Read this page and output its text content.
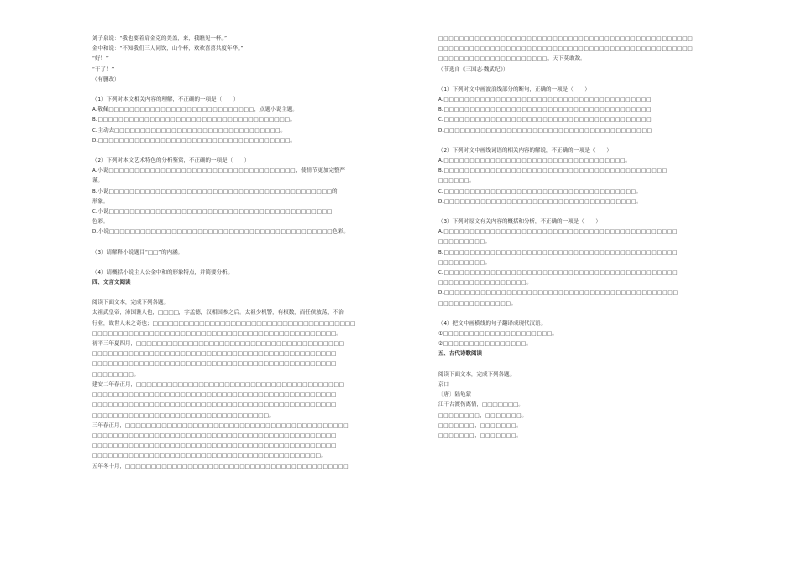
刘子泉说：“我也要着肩金克的美盖，来，我瞧见一杯。”

金中和说：“不知我们三人同饮，山个杯，欢欢喜喜共度年华。”

“好！”

“干了！”

（有删改）

（1）下列对本文相关内容的理解，不正确的一项是（　　）

A.敬佩□□□□□□□□□□□□□□□□□□□□□□□□□□□□，点题小说主题。

B.□□□□□□□□□□□□□□□□□□□□□□□□□□□□□□□□□□□□□。

C.主动去□□□□□□□□□□□□□□□□□□□□□□□□□□□□□□□□。

D.□□□□□□□□□□□□□□□□□□□□□□□□□□□□□□□□□□□□□。

（2）下列对本文艺术特色的分析鉴赏，不正确的一项是（　　）

A.小说□□□□□□□□□□□□□□□□□□□□□□□□□□□□□□□□□□□□，使情节更加完整严

谨。

B.小说□□□□□□□□□□□□□□□□□□□□□□□□□□□□□□□□□□□□□□□□□□□的

形象。

C.小说□□□□□□□□□□□□□□□□□□□□□□□□□□□□□□□□□□□□□□□□□□□

色彩。

D.小说□□□□□□□□□□□□□□□□□□□□□□□□□□□□□□□□□□□□□□□□□□□色彩。

（3）请解释小说题目“□□”的内涵。

（4）请概括小说主人公金中和的形象特点，并简要分析。

四、文言文阅读

阅读下面文本，完成下列各题。

太祖武皇帝，沛国谯人也，□□□□，字孟德，汉相国参之后。太祖少机警，有权数，而任侠放荡，不治

行业，故世人未之奇也；□□□□□□□□□□□□□□□□□□□□□□□□□□□□□□□□□□□□□□□

□□□□□□□□□□□□□□□□□□□□□□□□□□□□□□□□□□□□□□□□□□□□□□□。

初平三年夏四月，□□□□□□□□□□□□□□□□□□□□□□□□□□□□□□□□□□□□□□□□

□□□□□□□□□□□□□□□□□□□□□□□□□□□□□□□□□□□□□□□□□□□□□□□

□□□□□□□□□□□□□□□□□□□□□□□□□□□□□□□□□□□□□□□□□□□□□□□

□□□□□□□□。

建安二年春正月，□□□□□□□□□□□□□□□□□□□□□□□□□□□□□□□□□□□□□□□□

□□□□□□□□□□□□□□□□□□□□□□□□□□□□□□□□□□□□□□□□□□□□□□□

□□□□□□□□□□□□□□□□□□□□□□□□□□□□□□□□□□□□□□□□□□□□□□□

□□□□□□□□□□□□□□□□□□□□□□□□□□□□□□□□□□。

三年春正月，□□□□□□□□□□□□□□□□□□□□□□□□□□□□□□□□□□□□□□□□□□□

□□□□□□□□□□□□□□□□□□□□□□□□□□□□□□□□□□□□□□□□□□□□□□□

□□□□□□□□□□□□□□□□□□□□□□□□□□□□□□□□□□□□□□□□□□□□□□□

□□□□□□□□□□□□□□□□□□□□□□□□□□□□□□□□□□□□□□□□□□□□。

五年冬十月，□□□□□□□□□□□□□□□□□□□□□□□□□□□□□□□□□□□□□□□□□□□

□□□□□□□□□□□□□□□□□□□□□□□□□□□□□□□□□□□□□□□□□□□□□□□□□

□□□□□□□□□□□□□□□□□□□□□□□□□□□□□□□□□□□□□□□□□□□□□□□□□

□□□□□□□□□□□□□□□□□□□□□，天下莫敢敌。

（节选自《三国志·魏武纪》）

（1）下列对文中画波浪线部分的断句，正确的一项是（　　）

A.□□□□□□□□□□□□□□□□□□□□□□□□□□□□□□□□□□□□□□□□

B.□□□□□□□□□□□□□□□□□□□□□□□□□□□□□□□□□□□□□□□□

C.□□□□□□□□□□□□□□□□□□□□□□□□□□□□□□□□□□□□□□□□

D.□□□□□□□□□□□□□□□□□□□□□□□□□□□□□□□□□□□□□□□□

（2）下列对文中画线词语的相关内容的解说，不正确的一项是（　　）

A.□□□□□□□□□□□□□□□□□□□□□□□□□□□□□□□□□□□。

B.□□□□□□□□□□□□□□□□□□□□□□□□□□□□□□□□□□□□□□□□□□□

□□□□□□。

C.□□□□□□□□□□□□□□□□□□□□□□□□□□□□□□□□□□□□□。

D.□□□□□□□□□□□□□□□□□□□□□□□□□□□□□□□□□□□□□。

（3）下列对原文有关内容的概括和分析，不正确的一项是（　　）

A.□□□□□□□□□□□□□□□□□□□□□□□□□□□□□□□□□□□□□□□□□□□□□

□□□□□□□□□。

B.□□□□□□□□□□□□□□□□□□□□□□□□□□□□□□□□□□□□□□□□□□□□□

□□□□□□□□□。

C.□□□□□□□□□□□□□□□□□□□□□□□□□□□□□□□□□□□□□□□□□□□□□

□□□□□□□□□□□□□□□□□。

D.□□□□□□□□□□□□□□□□□□□□□□□□□□□□□□□□□□□□□□□□□□□□□

□□□□□□□□□□□□□□。

（4）把文中画横线的句子翻译成现代汉语。

①□□□□□□□□□□□□□□□□□□□□□。

②□□□□□□□□□□□□□□□□。

五、古代诗歌阅读

阅读下面文本，完成下列各题。

京口

〔唐〕陆龟蒙

江干古渡伤离情，□□□□□□□。

□□□□□□□□，□□□□□□□。

□□□□□□□，□□□□□□□。

□□□□□□□，□□□□□□□。
